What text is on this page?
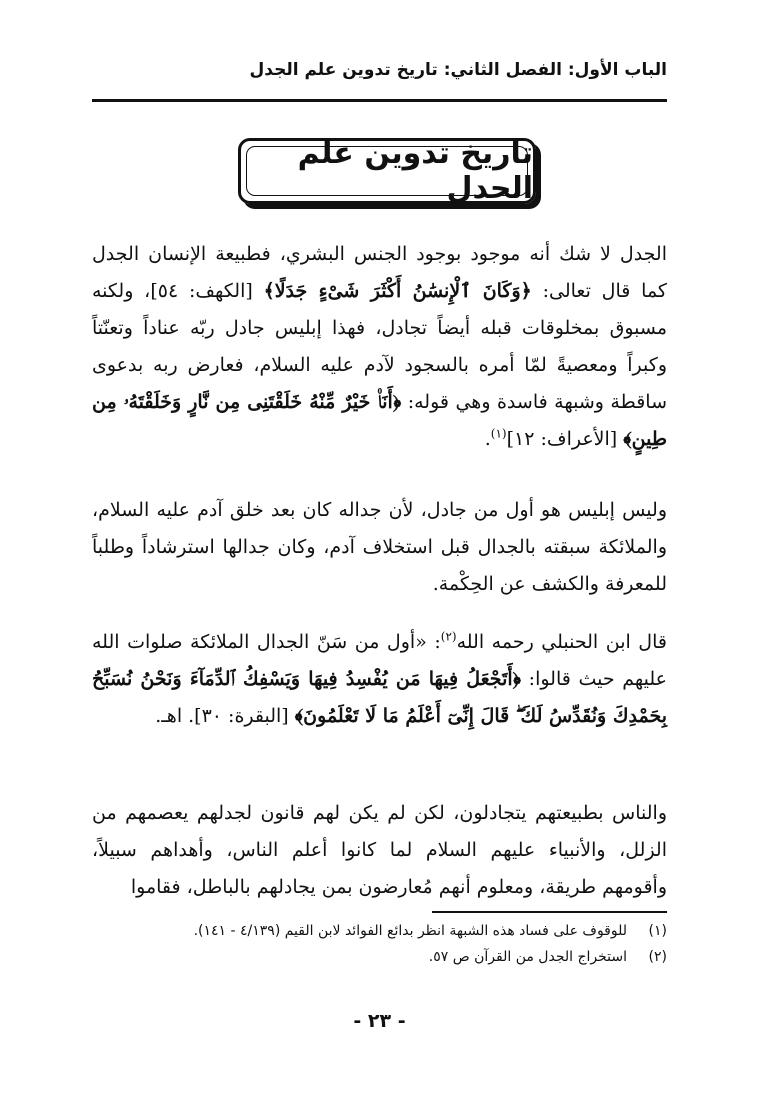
الباب الأول: الفصل الثاني: تاريخ تدوين علم الجدل
تاريخ تدوين علم الجدل
الجدل لا شك أنه موجود بوجود الجنس البشري، فطبيعة الإنسان الجدل كما قال تعالى: ﴿وَكَانَ ٱلْإِنسَٰنُ أَكْثَرَ شَىْءٍ جَدَلًا﴾ [الكهف: ٥٤]، ولكنه مسبوق بمخلوقات قبله أيضاً تجادل، فهذا إبليس جادل ربّه عناداً وتعنّتاً وكبراً ومعصيةً لمّا أمره بالسجود لآدم عليه السلام، فعارض ربه بدعوى ساقطة وشبهة فاسدة وهي قوله: ﴿أَنَا۠ خَيْرٌ مِّنْهُ خَلَقْتَنِى مِن نَّارٍ وَخَلَقْتَهُۥ مِن طِينٍ﴾ [الأعراف: ١٢]$^{(١)}$.
وليس إبليس هو أول من جادل، لأن جداله كان بعد خلق آدم عليه السلام، والملائكة سبقته بالجدال قبل استخلاف آدم، وكان جدالها استرشاداً وطلباً للمعرفة والكشف عن الحِكْمة.
قال ابن الحنبلي رحمه الله$^{(٢)}$: «أول من سَنّ الجدال الملائكة صلوات الله عليهم حيث قالوا: ﴿أَتَجْعَلُ فِيهَا مَن يُفْسِدُ فِيهَا وَيَسْفِكُ ٱلدِّمَآءَ وَنَحْنُ نُسَبِّحُ بِحَمْدِكَ وَنُقَدِّسُ لَكَ ۖ قَالَ إِنِّىٓ أَعْلَمُ مَا لَا تَعْلَمُونَ﴾ [البقرة: ٣٠]. اهـ.
والناس بطبيعتهم يتجادلون، لكن لم يكن لهم قانون لجدلهم يعصمهم من الزلل، والأنبياء عليهم السلام لما كانوا أعلم الناس، وأهداهم سبيلاً، وأقومهم طريقة، ومعلوم أنهم مُعارضون بمن يجادلهم بالباطل، فقاموا
(١)
للوقوف على فساد هذه الشبهة انظر بدائع الفوائد لابن القيم (٤/١٣٩ - ١٤١).
(٢)
استخراج الجدل من القرآن ص ٥٧.
- ٢٣ -
